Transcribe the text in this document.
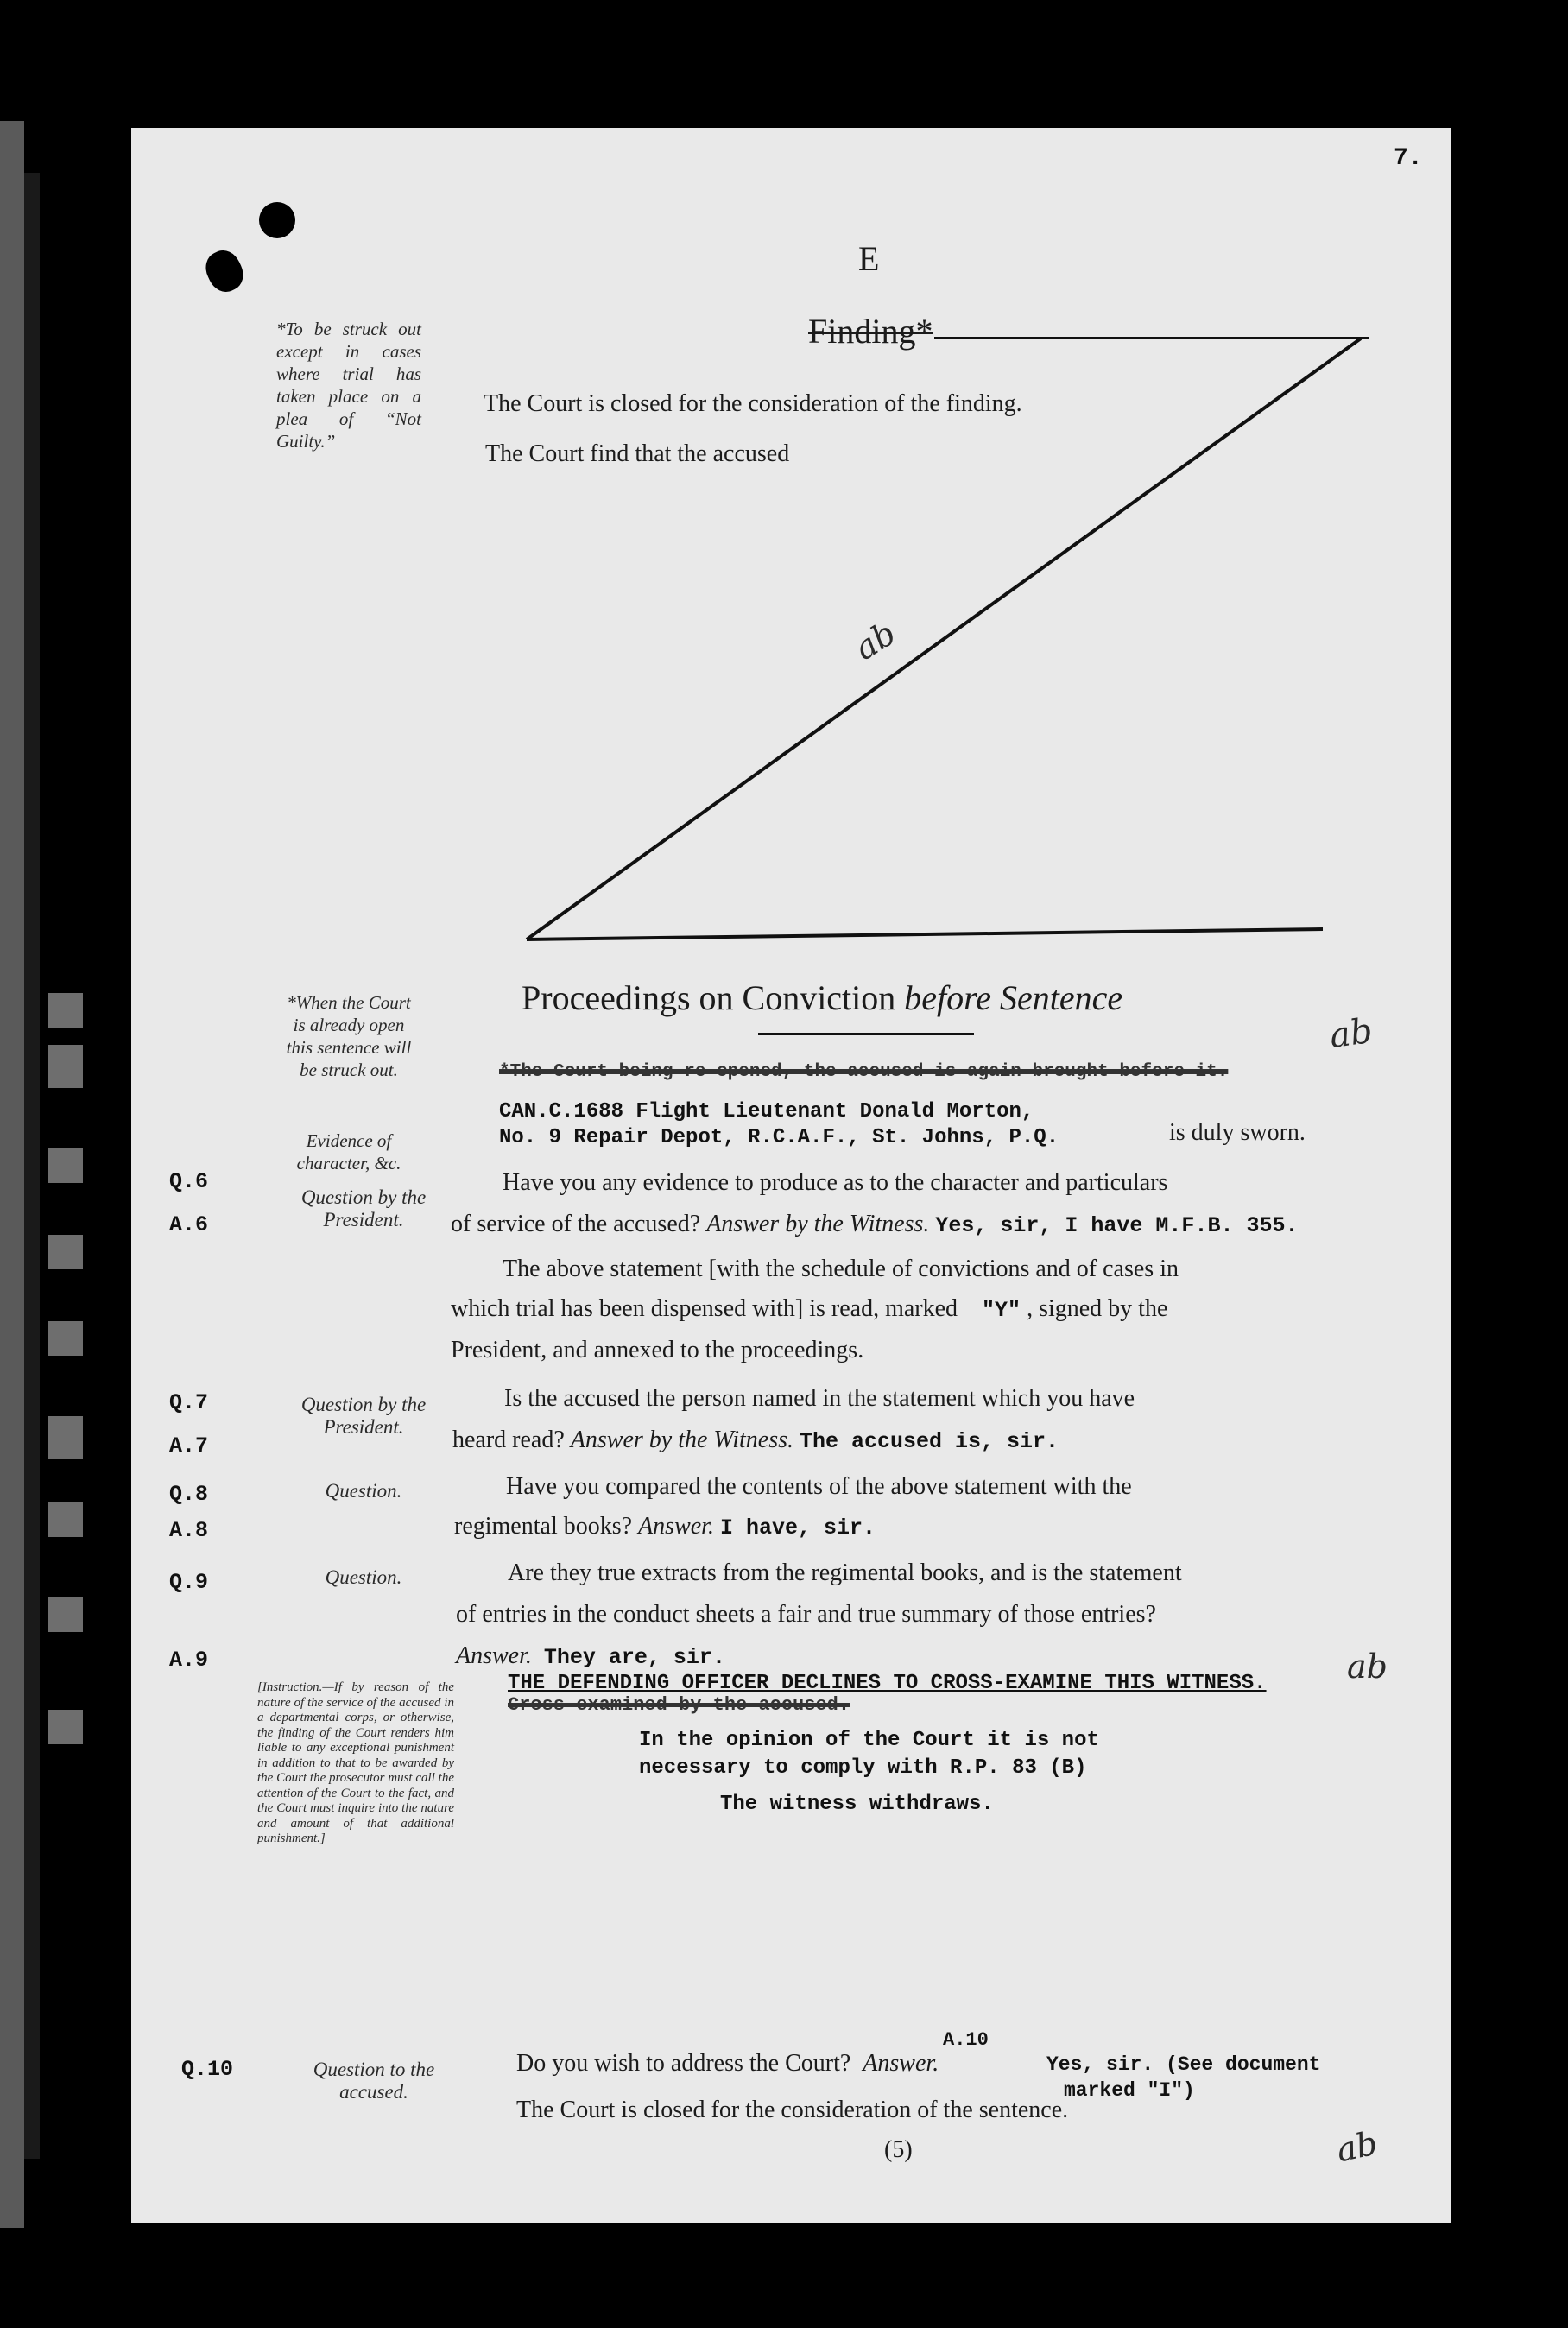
7.
E
Finding*
*To be struck out except in cases where trial has taken place on a plea of “Not Guilty.”
The Court is closed for the consideration of the finding.
The Court find that the accused
ab
Proceedings on Conviction before Sentence
ab
*When the Court is already open this sentence will be struck out.
Evidence of character, &c.
*The Court being re-opened, the accused is again brought before it.
CAN.C.1688 Flight Lieutenant Donald Morton,
No. 9 Repair Depot, R.C.A.F., St. Johns, P.Q.	is duly sworn.
Q.6
A.6
Question by the President.
Have you any evidence to produce as to the character and particulars
of service of the accused? Answer by the Witness. Yes, sir, I have M.F.B. 355.
The above statement [with the schedule of convictions and of cases in
which trial has been dispensed with] is read, marked "Y" , signed by the
President, and annexed to the proceedings.
Q.7
A.7
Question by the President.
Is the accused the person named in the statement which you have
heard read? Answer by the Witness. The accused is, sir.
Q.8
A.8
Question.	Have you compared the contents of the above statement with the
regimental books? Answer. I have, sir.
Q.9
A.9
Question.	Are they true extracts from the regimental books, and is the statement
of entries in the conduct sheets a fair and true summary of those entries?
Answer. They are, sir.
THE DEFENDING OFFICER DECLINES TO CROSS-EXAMINE THIS WITNESS.
Cross-examined by the accused.
ab
In the opinion of the Court it is not
necessary to comply with R.P. 83 (B)
The witness withdraws.
[Instruction.—If by reason of the nature of the service of the accused in a departmental corps, or otherwise, the finding of the Court renders him liable to any exceptional punishment in addition to that to be awarded by the Court the prosecutor must call the attention of the Court to the fact, and the Court must inquire into the nature and amount of that additional punishment.]
Q.10	Question to the accused.
A.10
Do you wish to address the Court? Answer.	Yes, sir. (See document
marked "I")
The Court is closed for the consideration of the sentence.
(5)	ab
